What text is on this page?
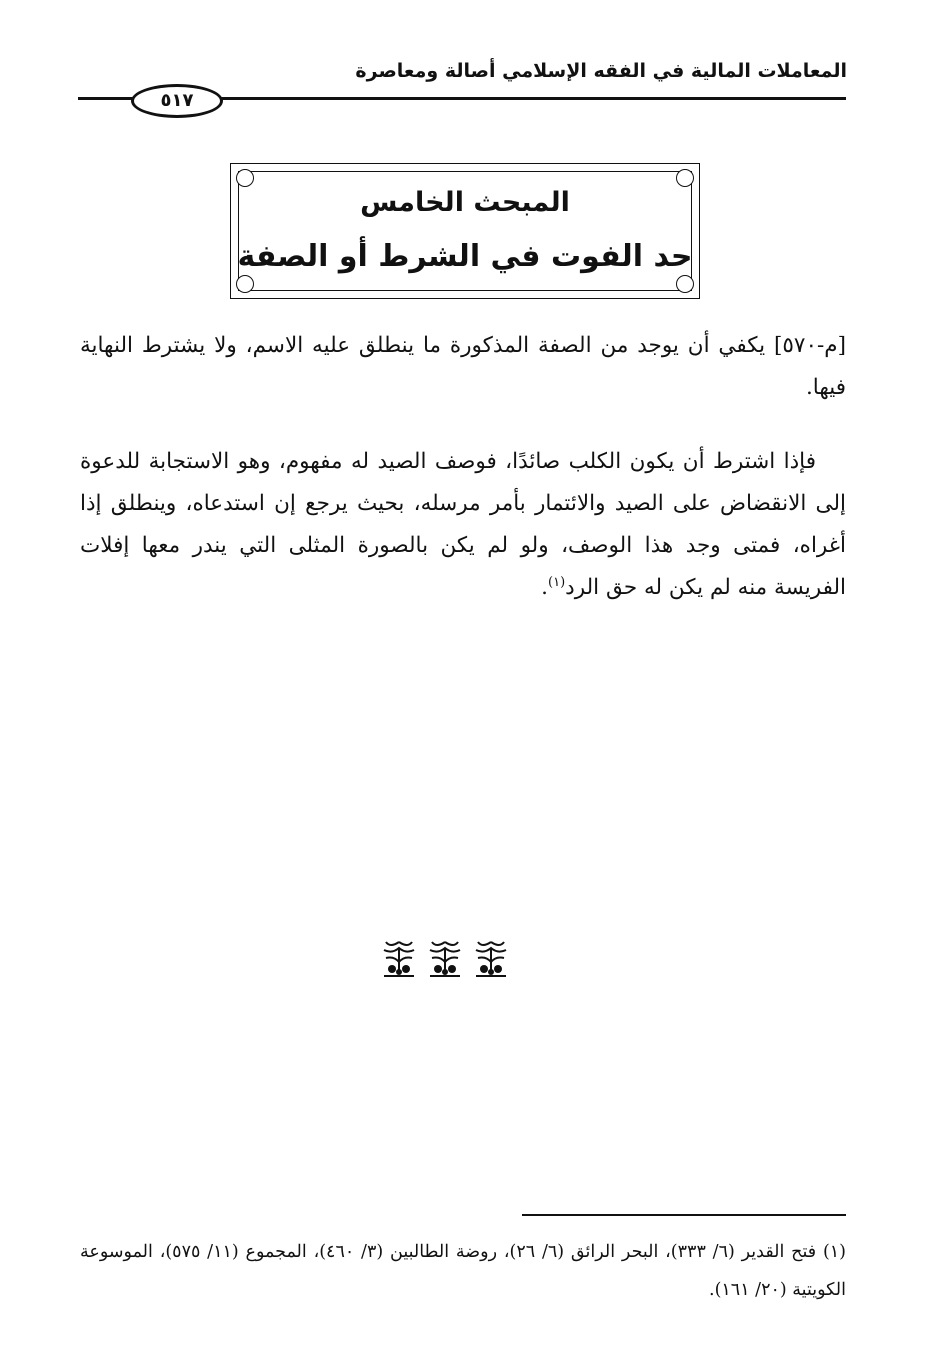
المعاملات المالية في الفقه الإسلامي أصالة ومعاصرة
٥١٧
المبحث الخامس
حد الفوت في الشرط أو الصفة
[م-٥٧٠] يكفي أن يوجد من الصفة المذكورة ما ينطلق عليه الاسم، ولا يشترط النهاية فيها.
فإذا اشترط أن يكون الكلب صائدًا، فوصف الصيد له مفهوم، وهو الاستجابة للدعوة إلى الانقضاض على الصيد والائتمار بأمر مرسله، بحيث يرجع إن استدعاه، وينطلق إذا أغراه، فمتى وجد هذا الوصف، ولو لم يكن بالصورة المثلى التي يندر معها إفلات الفريسة منه لم يكن له حق الرد$^{(١)}$.
(١) فتح القدير (٦/ ٣٣٣)، البحر الرائق (٦/ ٢٦)، روضة الطالبين (٣/ ٤٦٠)، المجموع (١١/ ٥٧٥)، الموسوعة الكويتية (٢٠/ ١٦١).
